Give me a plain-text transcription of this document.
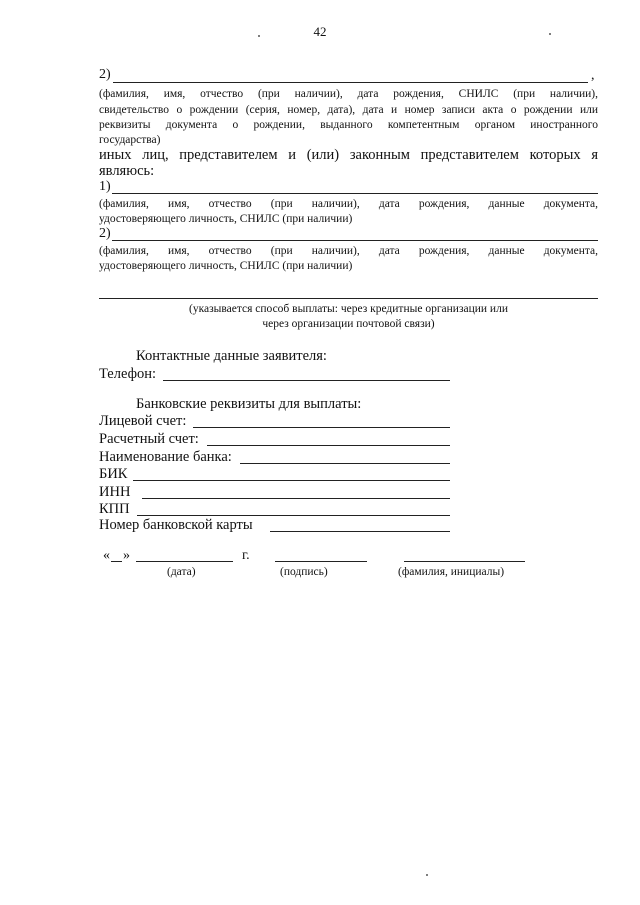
42
2)	,
(фамилия, имя, отчество (при наличии), дата рождения, СНИЛС (при наличии),
свидетельство о рождении (серия, номер, дата), дата и номер записи акта о рождении или
реквизиты документа о рождении, выданного компетентным органом иностранного
государства)
иных лиц, представителем и (или) законным представителем которых я
являюсь:
1)
(фамилия, имя, отчество (при наличии), дата рождения, данные документа,
удостоверяющего личность, СНИЛС (при наличии)
2)
(фамилия, имя, отчество (при наличии), дата рождения, данные документа,
удостоверяющего личность, СНИЛС (при наличии)
(указывается способ выплаты: через кредитные организации или
через организации почтовой связи)
Контактные данные заявителя:
Телефон:
Банковские реквизиты для выплаты:
Лицевой счет:
Расчетный счет:
Наименование банка:
БИК
ИНН
КПП
Номер банковской карты
« »	г.
(дата)	(подпись)	(фамилия, инициалы)
